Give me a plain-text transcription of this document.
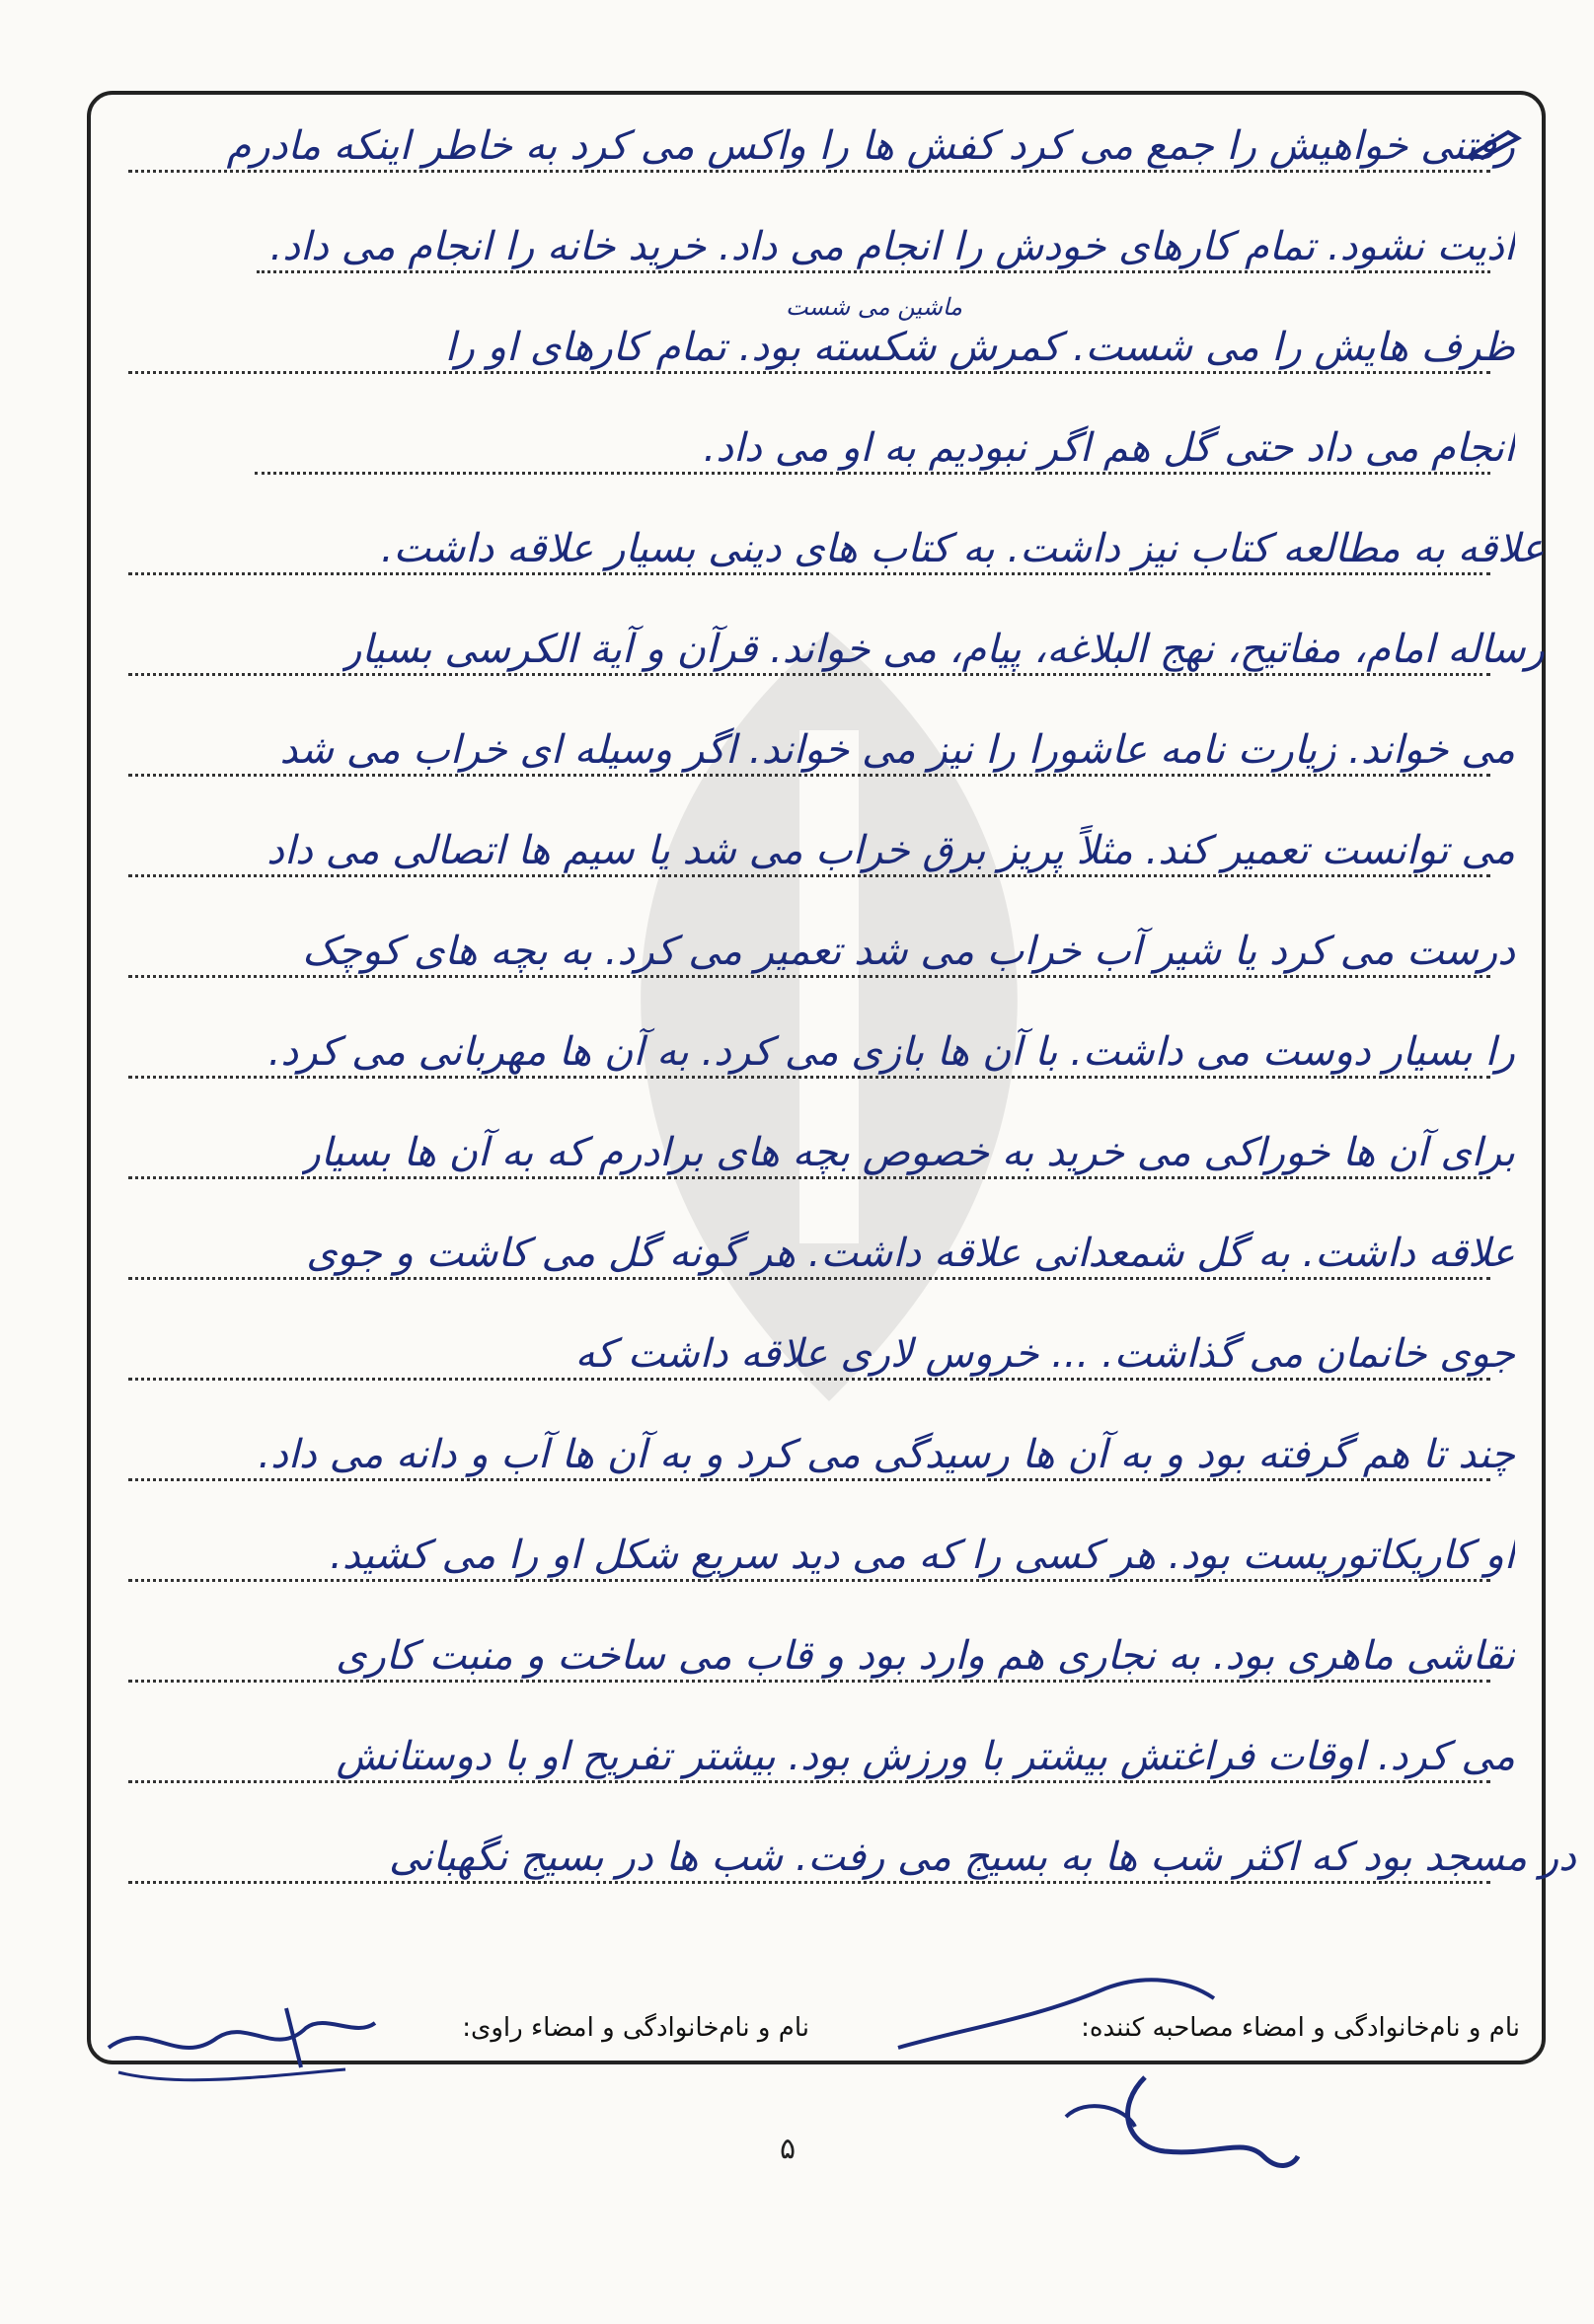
رفتنی خواهیش را جمع می کرد کفش ها را واکس می کرد به خاطر اینکه مادرم
اذیت نشود. تمام کارهای خودش را انجام می داد. خرید خانه را انجام می داد.
ظرف هایش را می شست. کمرش شکسته بود. تمام کارهای او را
انجام می داد حتی گل هم اگر نبودیم به او می داد.
علاقه به مطالعه کتاب نیز داشت. به کتاب های دینی بسیار علاقه داشت.
رساله امام، مفاتیح، نهج البلاغه، پیام، می خواند. قرآن و آیة الکرسی بسیار
می خواند. زیارت نامه عاشورا را نیز می خواند. اگر وسیله ای خراب می شد
می توانست تعمیر کند. مثلاً پریز برق خراب می شد یا سیم ها اتصالی می داد
درست می کرد یا شیر آب خراب می شد تعمیر می کرد. به بچه های کوچک
را بسیار دوست می داشت. با آن ها بازی می کرد. به آن ها مهربانی می کرد.
برای آن ها خوراکی می خرید به خصوص بچه های برادرم که به آن ها بسیار
علاقه داشت. به گل شمعدانی علاقه داشت. هر گونه گل می کاشت و جوی
جوی خانمان می گذاشت. ... خروس لاری علاقه داشت که
چند تا هم گرفته بود و به آن ها رسیدگی می کرد و به آن ها آب و دانه می داد.
او کاریکاتوریست بود. هر کسی را که می دید سریع شکل او را می کشید.
نقاشی ماهری بود. به نجاری هم وارد بود و قاب می ساخت و منبت کاری
می کرد. اوقات فراغتش بیشتر با ورزش بود. بیشتر تفریح او با دوستانش
در مسجد بود که اکثر شب ها به بسیج می رفت. شب ها در بسیج نگهبانی
ماشین می شست
نام و نام‌خانوادگی و امضاء مصاحبه کننده:
نام و نام‌خانوادگی و امضاء راوی:
۵
